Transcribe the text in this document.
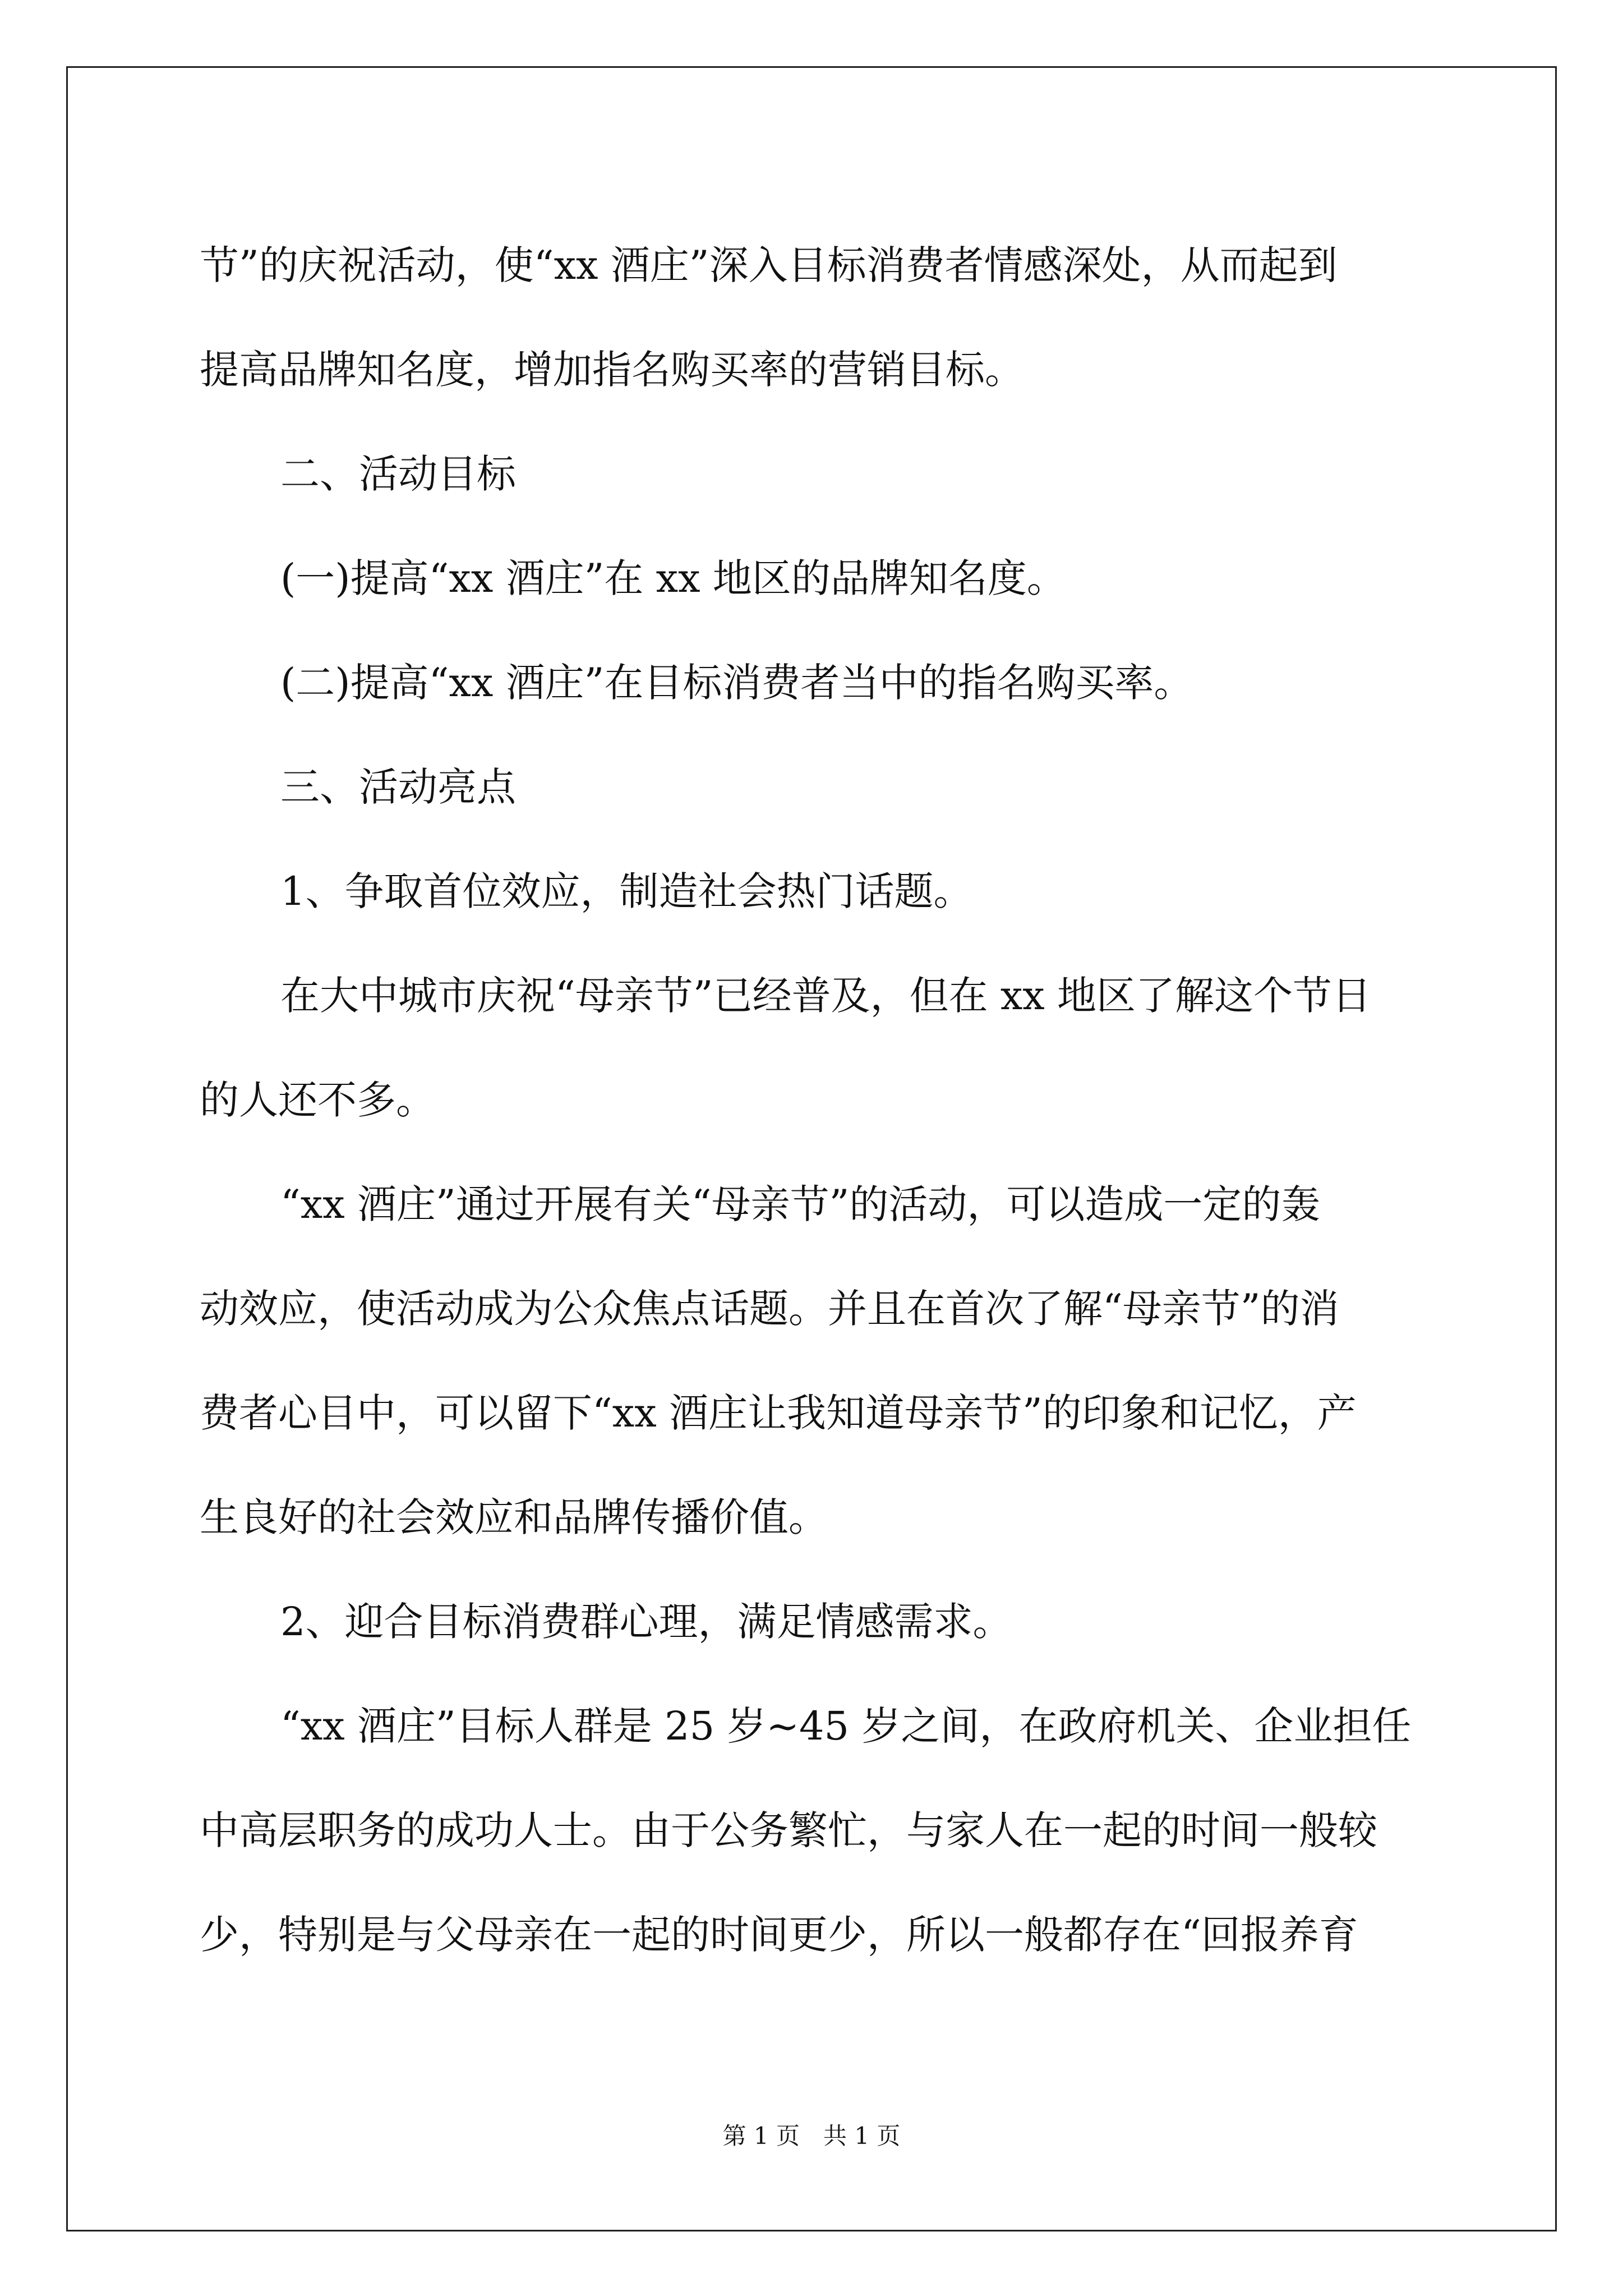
节”的庆祝活动，使“xx 酒庄”深入目标消费者情感深处，从而起到
提高品牌知名度，增加指名购买率的营销目标。
二、活动目标
(一)提高“xx 酒庄”在 xx 地区的品牌知名度。
(二)提高“xx 酒庄”在目标消费者当中的指名购买率。
三、活动亮点
1、争取首位效应，制造社会热门话题。
在大中城市庆祝“母亲节”已经普及，但在 xx 地区了解这个节日
的人还不多。
“xx 酒庄”通过开展有关“母亲节”的活动，可以造成一定的轰
动效应，使活动成为公众焦点话题。并且在首次了解“母亲节”的消
费者心目中，可以留下“xx 酒庄让我知道母亲节”的印象和记忆，产
生良好的社会效应和品牌传播价值。
2、迎合目标消费群心理，满足情感需求。
“xx 酒庄”目标人群是 25 岁~45 岁之间，在政府机关、企业担任
中高层职务的成功人士。由于公务繁忙，与家人在一起的时间一般较
少，特别是与父母亲在一起的时间更少，所以一般都存在“回报养育
第 1 页　共 1 页
